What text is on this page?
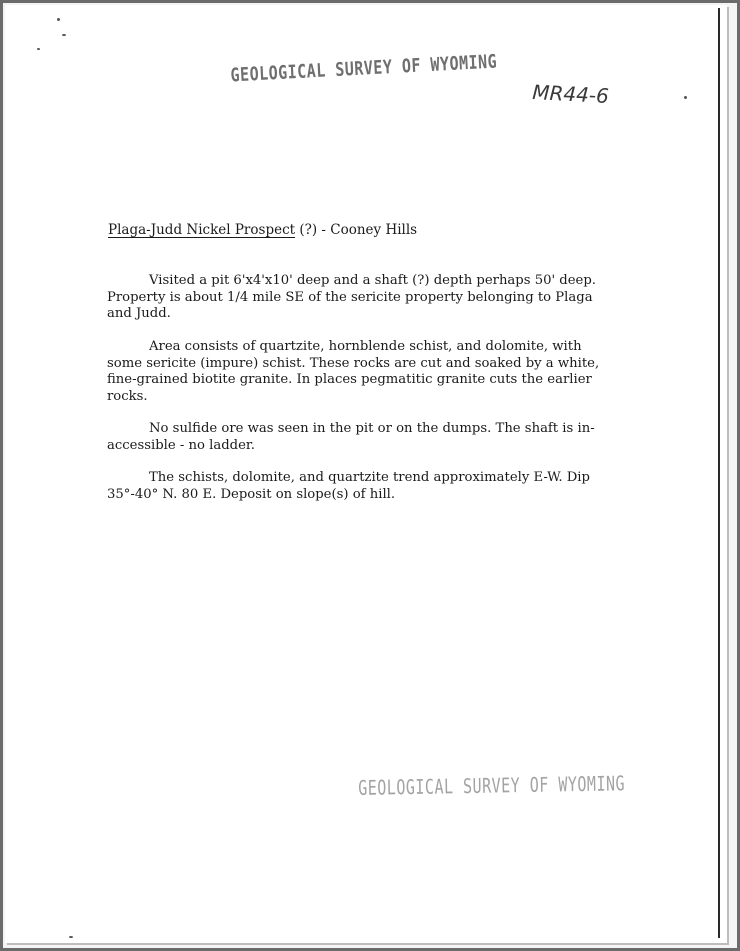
GEOLOGICAL SURVEY OF WYOMING
MR44-6
Plaga-Judd Nickel Prospect (?) - Cooney Hills

Visited a pit 6'x4'x10' deep and a shaft (?) depth perhaps 50' deep.
Property is about 1/4 mile SE of the sericite property belonging to Plaga
and Judd.

Area consists of quartzite, hornblende schist, and dolomite, with
some sericite (impure) schist. These rocks are cut and soaked by a white,
fine-grained biotite granite. In places pegmatitic granite cuts the earlier
rocks.

No sulfide ore was seen in the pit or on the dumps. The shaft is in-
accessible - no ladder.

The schists, dolomite, and quartzite trend approximately E-W. Dip
35°-40° N. 80 E. Deposit on slope(s) of hill.

GEOLOGICAL SURVEY OF WYOMING
